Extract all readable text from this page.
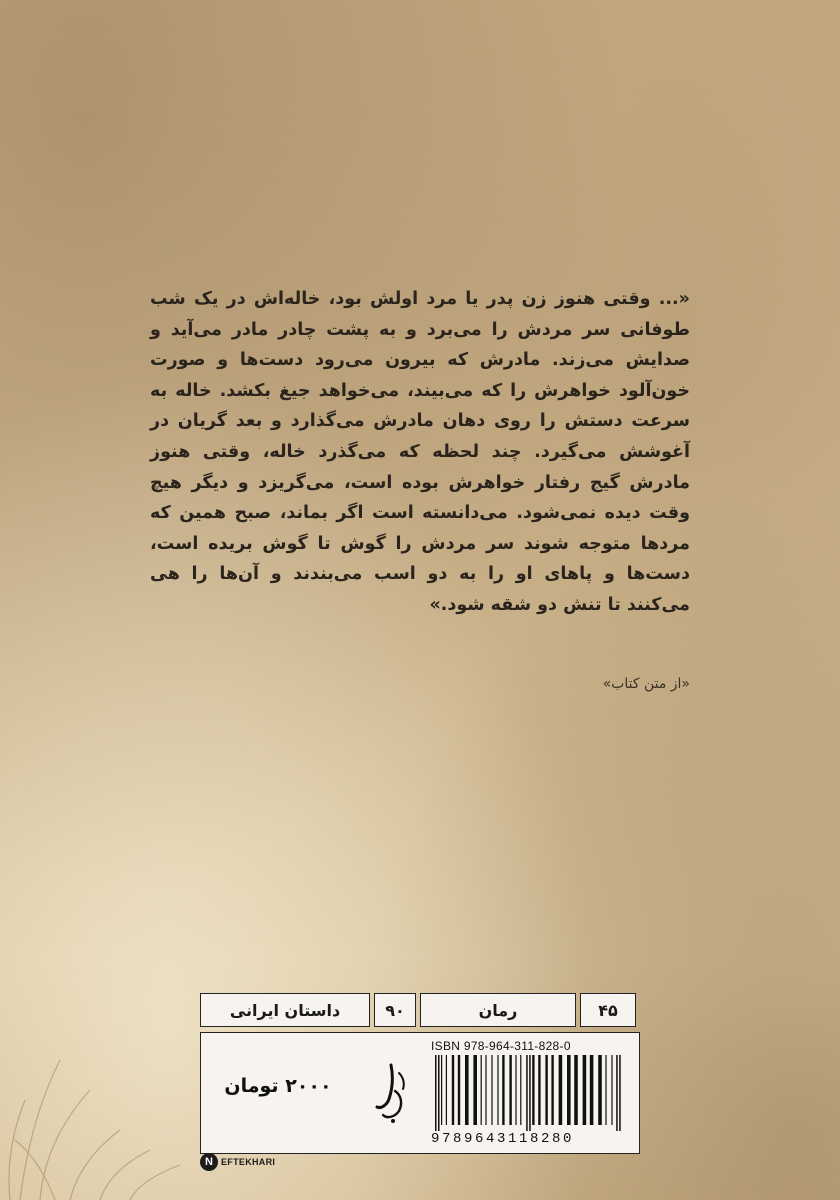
«... وقتی هنوز زن پدر یا مرد اولش بود، خاله‌اش در یک شب طوفانی سر مردش را می‌برد و به پشت چادر مادر می‌آید و صدایش می‌زند. مادرش که بیرون می‌رود دست‌ها و صورت خون‌آلود خواهرش را که می‌بیند، می‌خواهد جیغ بکشد. خاله به سرعت دستش را روی دهان مادرش می‌گذارد و بعد گریان در آغوشش می‌گیرد. چند لحظه که می‌گذرد خاله، وقتی هنوز مادرش گیج رفتار خواهرش بوده است، می‌گریزد و دیگر هیچ وقت دیده نمی‌شود. می‌دانسته است اگر بماند، صبح همین که مردها متوجه شوند سر مردش را گوش تا گوش بریده است، دست‌ها و پاهای او را به دو اسب می‌بندند و آن‌ها را هی می‌کنند تا تنش دو شقه شود.»
«از متن کتاب»
داستان ایرانی	۹۰	رمان	۴۵
۲۰۰۰ تومان
ISBN 978-964-311-828-0
9789643118280
N EFTEKHARI
